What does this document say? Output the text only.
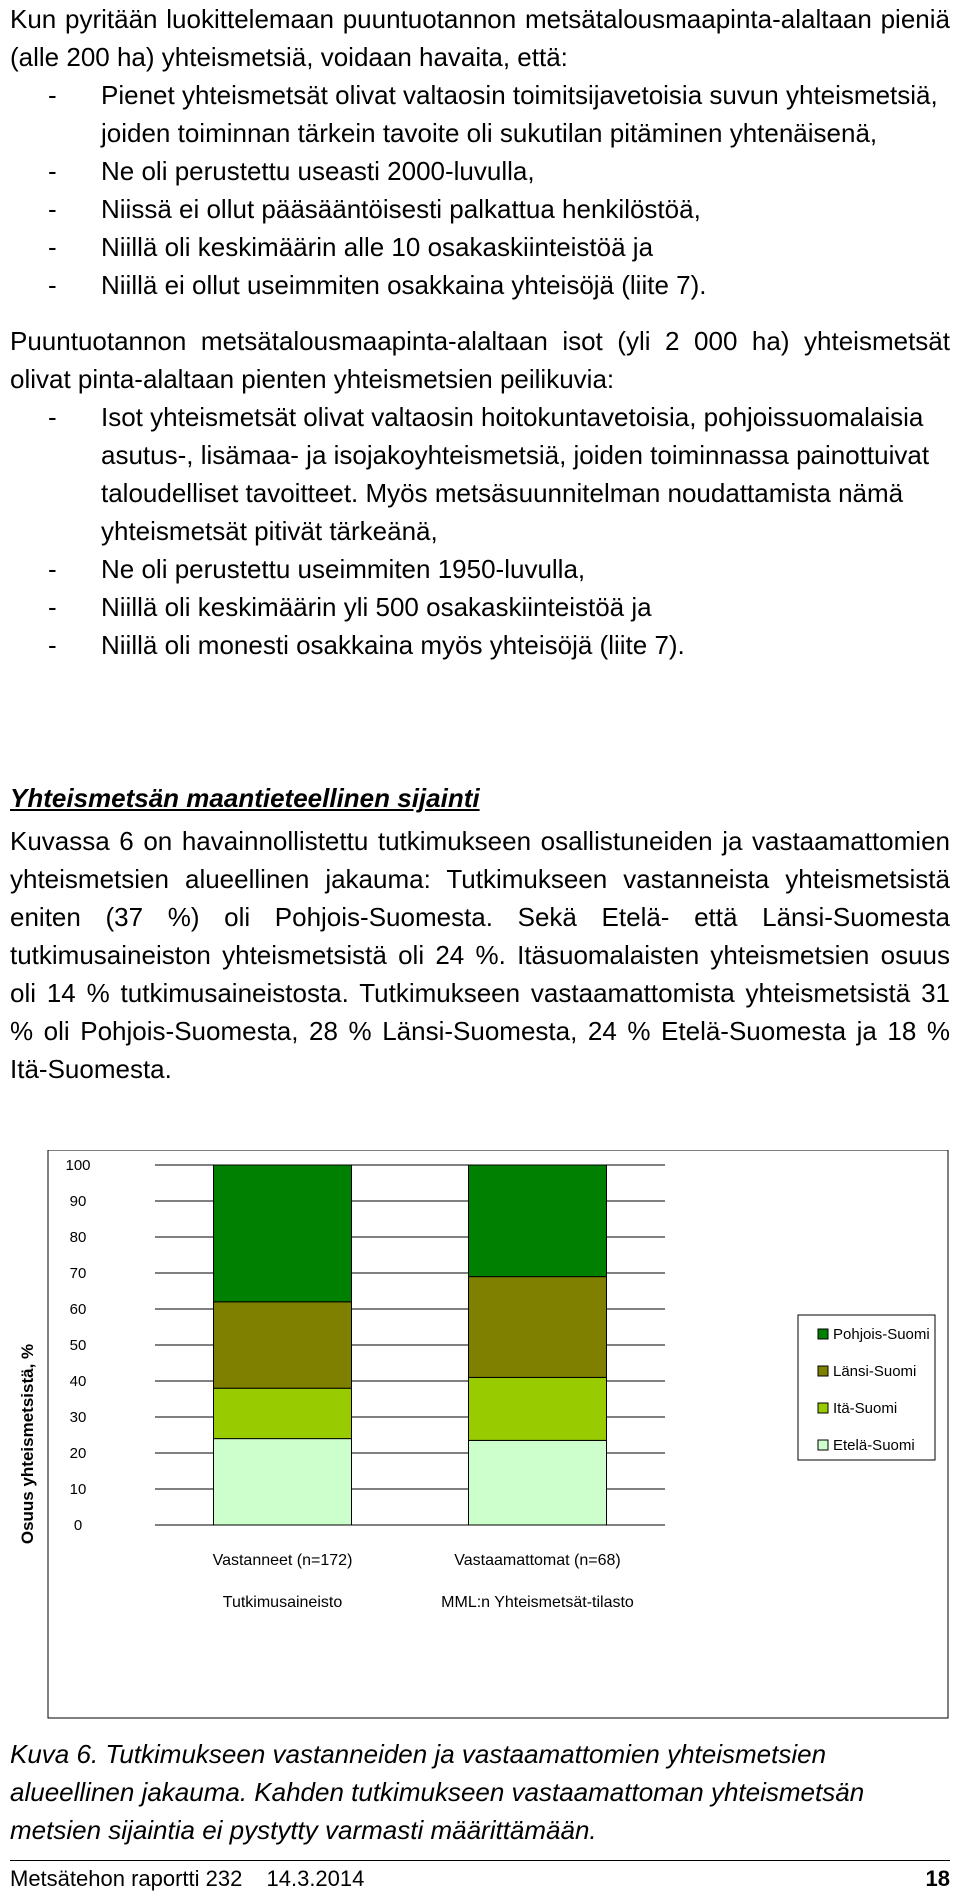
Kun pyritään luokittelemaan puuntuotannon metsätalousmaapinta-alaltaan pieniä (alle 200 ha) yhteismetsiä, voidaan havaita, että:

- Pienet yhteismetsät olivat valtaosin toimitsijavetoisia suvun yhteismetsiä, joiden toiminnan tärkein tavoite oli sukutilan pitäminen yhtenäisenä,
- Ne oli perustettu useasti 2000-luvulla,
- Niissä ei ollut pääsääntöisesti palkattua henkilöstöä,
- Niillä oli keskimäärin alle 10 osakaskiinteistöä ja
- Niillä ei ollut useimmiten osakkaina yhteisöjä (liite 7).

Puuntuotannon metsätalousmaapinta-alaltaan isot (yli 2 000 ha) yhteismetsät olivat pinta-alaltaan pienten yhteismetsien peilikuvia:

- Isot yhteismetsät olivat valtaosin hoitokuntavetoisia, pohjoissuomalaisia asutus-, lisämaa- ja isojakoyhteismetsiä, joiden toiminnassa painottuivat taloudelliset tavoitteet. Myös metsäsuunnitelman noudattamista nämä yhteismetsät pitivät tärkeänä,
- Ne oli perustettu useimmiten 1950-luvulla,
- Niillä oli keskimäärin yli 500 osakaskiinteistöä ja
- Niillä oli monesti osakkaina myös yhteisöjä (liite 7).
Yhteismetsän maantieteellinen sijainti

Kuvassa 6 on havainnollistettu tutkimukseen osallistuneiden ja vastaamattomien yhteismetsien alueellinen jakauma: Tutkimukseen vastanneista yhteismetsistä eniten (37 %) oli Pohjois-Suomesta. Sekä Etelä- että Länsi-Suomesta tutkimusaineiston yhteismetsistä oli 24 %. Itäsuomalaisten yhteismetsien osuus oli 14 % tutkimusaineistosta. Tutkimukseen vastaamattomista yhteismetsistä 31 % oli Pohjois-Suomesta, 28 % Länsi-Suomesta, 24 % Etelä-Suomesta ja 18 % Itä-Suomesta.

Osuus yhteismetsistä, % 0
10
20
30
40
50
60
70
80
90
100
Vastanneet (n=172)
Tutkimusaineisto
Vastaamattomat (n=68)
MML:n Yhteismetsät-tilasto
Pohjois-Suomi
Länsi-Suomi
Itä-Suomi
Etelä-Suomi
Kuva 6. Tutkimukseen vastanneiden ja vastaamattomien yhteismetsien alueellinen jakauma. Kahden tutkimukseen vastaamattoman yhteismetsän metsien sijaintia ei pystytty varmasti määrittämään.
Metsätehon raportti 232 14.3.2014	18
